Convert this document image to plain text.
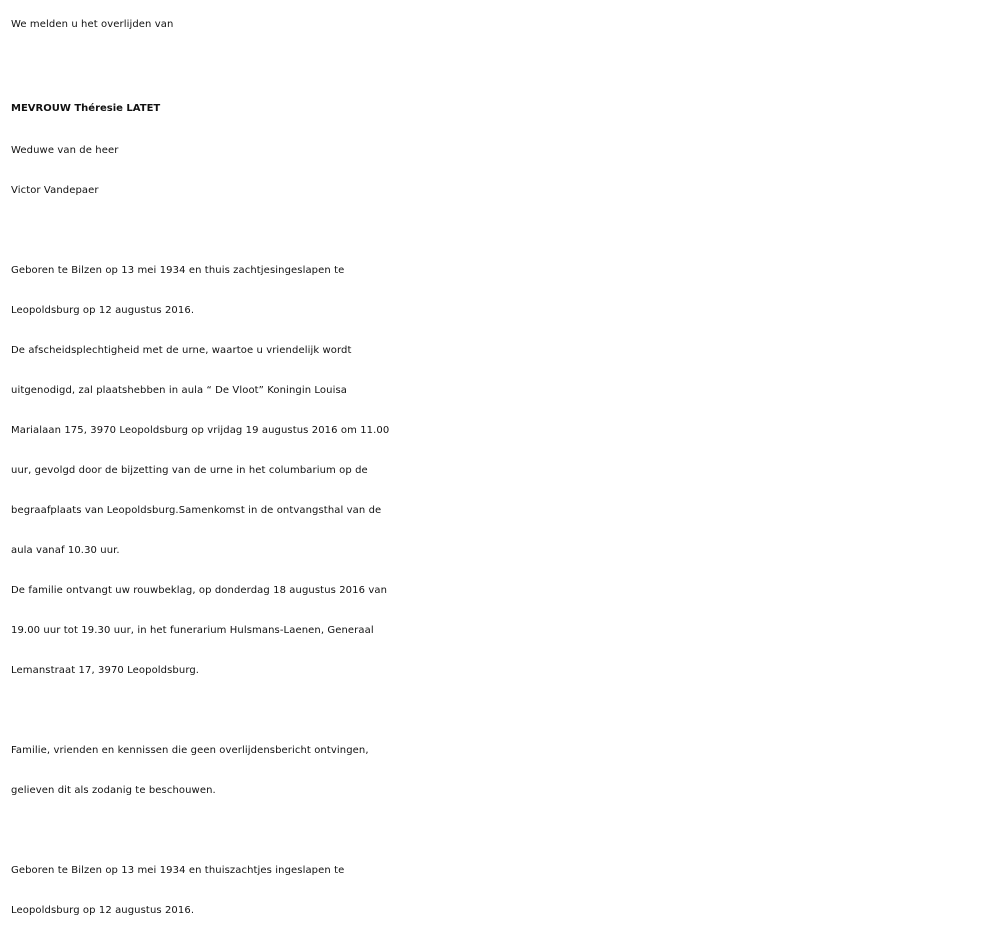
We melden u het overlijden van
MEVROUW Théresie LATET
Weduwe van de heer
Victor Vandepaer
Geboren te Bilzen op 13 mei 1934 en thuis zachtjesingeslapen te
Leopoldsburg op 12 augustus 2016.
De afscheidsplechtigheid met de urne, waartoe u vriendelijk wordt
uitgenodigd, zal plaatshebben in aula “ De Vloot” Koningin Louisa
Marialaan 175, 3970 Leopoldsburg op vrijdag 19 augustus 2016 om 11.00
uur, gevolgd door de bijzetting van de urne in het columbarium op de
begraafplaats van Leopoldsburg.Samenkomst in de ontvangsthal van de
aula vanaf 10.30 uur.
De familie ontvangt uw rouwbeklag, op donderdag 18 augustus 2016 van
19.00 uur tot 19.30 uur, in het funerarium Hulsmans-Laenen, Generaal
Lemanstraat 17, 3970 Leopoldsburg.
Familie, vrienden en kennissen die geen overlijdensbericht ontvingen,
gelieven dit als zodanig te beschouwen.
Geboren te Bilzen op 13 mei 1934 en thuiszachtjes ingeslapen te
Leopoldsburg op 12 augustus 2016.
